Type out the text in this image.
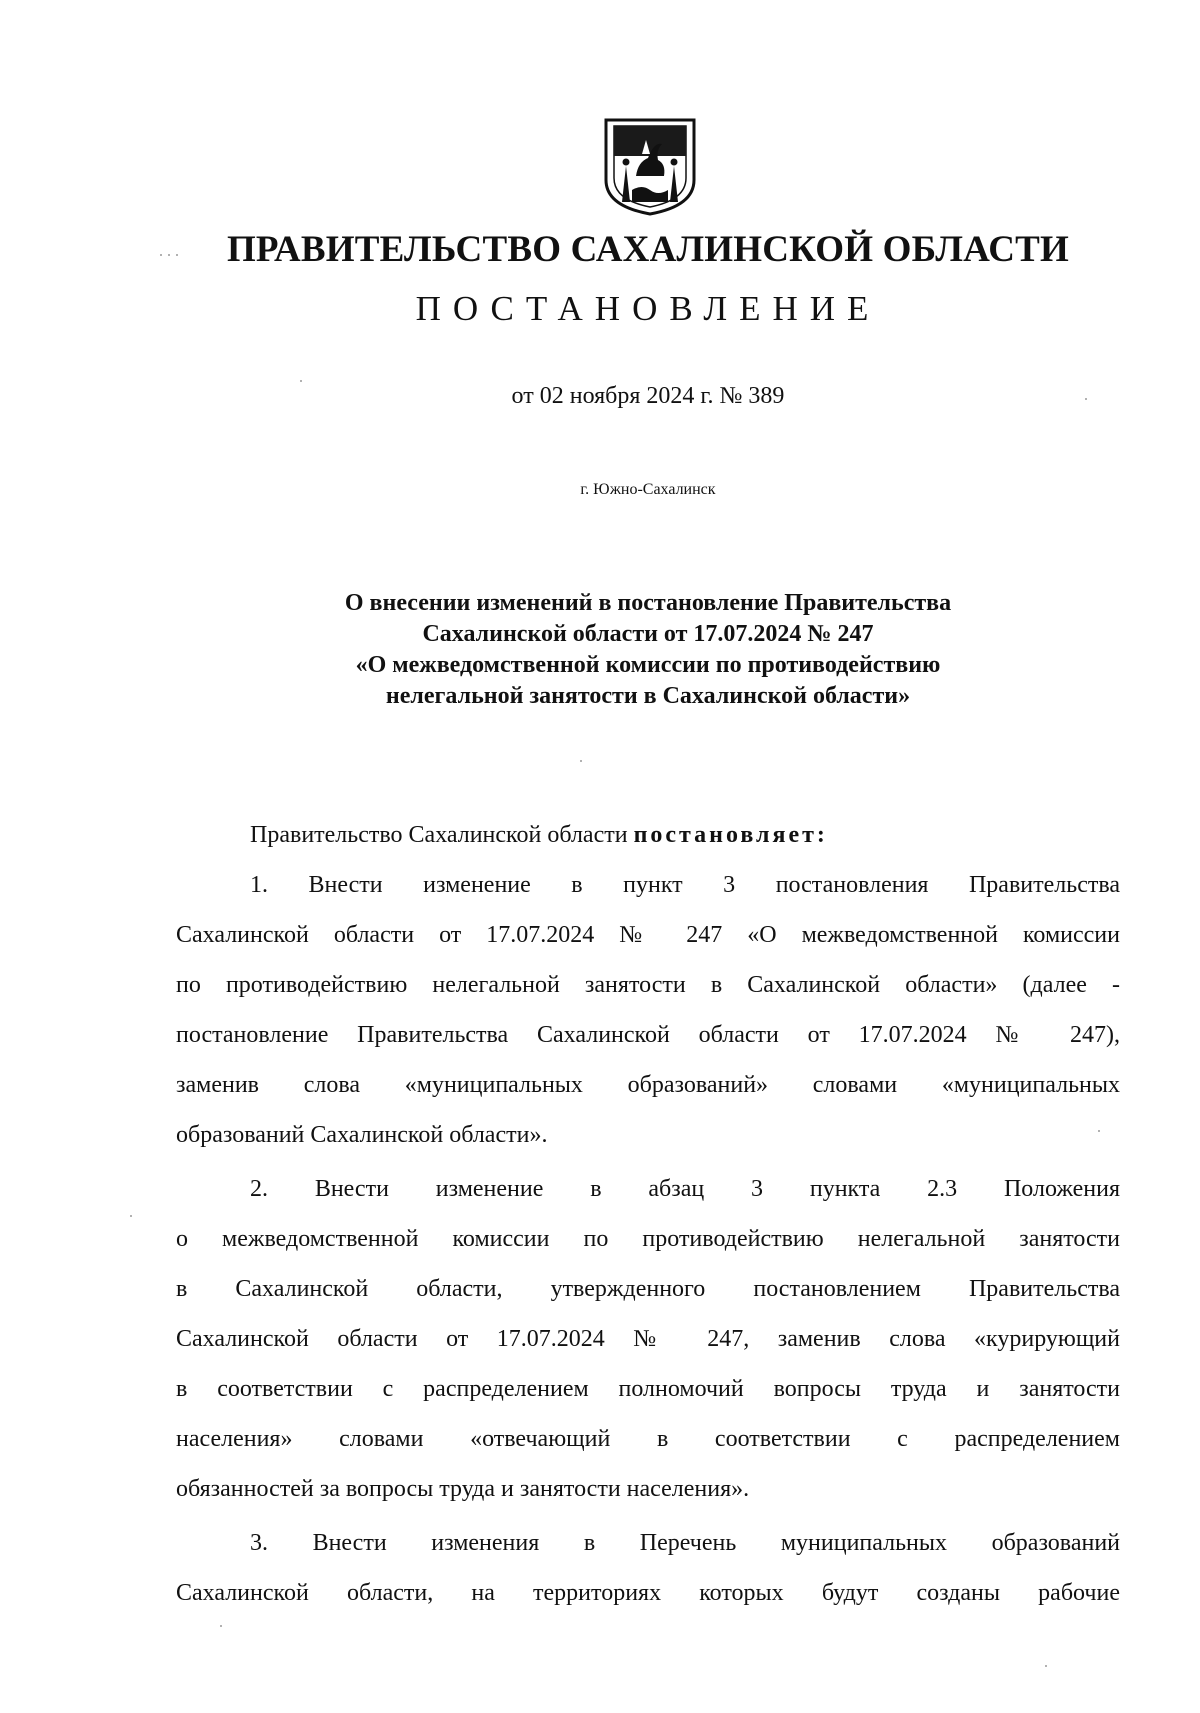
ПРАВИТЕЛЬСТВО САХАЛИНСКОЙ ОБЛАСТИ
ПОСТАНОВЛЕНИЕ
от 02 ноября 2024 г. № 389
г. Южно-Сахалинск
О внесении изменений в постановление Правительства
Сахалинской области от 17.07.2024 № 247
«О межведомственной комиссии по противодействию
нелегальной занятости в Сахалинской области»
Правительство Сахалинской области постановляет:
1. Внести изменение в пункт 3 постановления Правительства
Сахалинской области от 17.07.2024 № 247 «О межведомственной комиссии
по противодействию нелегальной занятости в Сахалинской области» (далее -
постановление Правительства Сахалинской области от 17.07.2024 № 247),
заменив слова «муниципальных образований» словами «муниципальных
образований Сахалинской области».
2. Внести изменение в абзац 3 пункта 2.3 Положения
о межведомственной комиссии по противодействию нелегальной занятости
в Сахалинской области, утвержденного постановлением Правительства
Сахалинской области от 17.07.2024 № 247, заменив слова «курирующий
в соответствии с распределением полномочий вопросы труда и занятости
населения» словами «отвечающий в соответствии с распределением
обязанностей за вопросы труда и занятости населения».
3. Внести изменения в Перечень муниципальных образований
Сахалинской области, на территориях которых будут созданы рабочие
